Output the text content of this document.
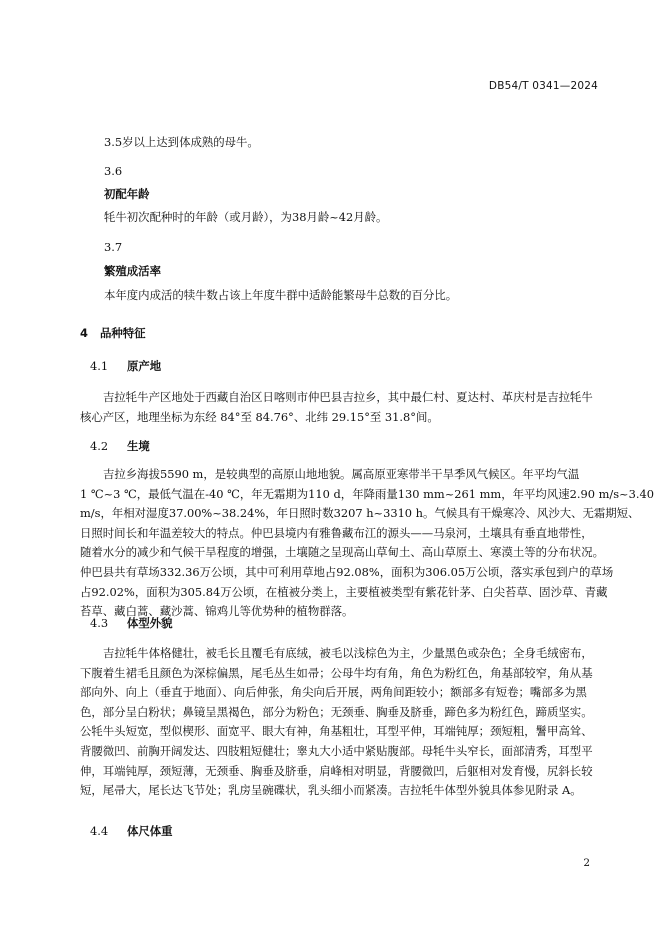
DB54/T 0341—2024
3.5岁以上达到体成熟的母牛。
3.6
初配年龄
牦牛初次配种时的年龄（或月龄），为38月龄~42月龄。
3.7
繁殖成活率
本年度内成活的犊牛数占该上年度牛群中适龄能繁母牛总数的百分比。
4 品种特征
4.1 原产地
吉拉牦牛产区地处于西藏自治区日喀则市仲巴县吉拉乡，其中最仁村、夏达村、革庆村是吉拉牦牛
核心产区，地理坐标为东经 84°至 84.76°、北纬 29.15°至 31.8°间。
4.2 生境
吉拉乡海拔5590 m，是较典型的高原山地地貌。属高原亚寒带半干旱季风气候区。年平均气温
1 ℃~3 ℃，最低气温在-40 ℃，年无霜期为110 d，年降雨量130 mm~261 mm，年平均风速2.90 m/s~3.40
m/s，年相对湿度37.00%~38.24%，年日照时数3207 h~3310 h。气候具有干燥寒冷、风沙大、无霜期短、
日照时间长和年温差较大的特点。仲巴县境内有雅鲁藏布江的源头——马泉河，土壤具有垂直地带性，
随着水分的减少和气候干旱程度的增强，土壤随之呈现高山草甸土、高山草原土、寒漠土等的分布状况。
仲巴县共有草场332.36万公顷，其中可利用草地占92.08%，面积为306.05万公顷，落实承包到户的草场
占92.02%，面积为305.84万公顷，在植被分类上，主要植被类型有紫花针茅、白尖苔草、固沙草、青藏
苔草、藏白蒿、藏沙蒿、锦鸡儿等优势种的植物群落。
4.3 体型外貌
吉拉牦牛体格健壮，被毛长且覆毛有底绒，被毛以浅棕色为主，少量黑色或杂色；全身毛绒密布，
下腹着生裙毛且颜色为深棕偏黑，尾毛丛生如帚；公母牛均有角，角色为粉红色，角基部较窄，角从基
部向外、向上（垂直于地面）、向后伸张，角尖向后开展，两角间距较小；额部多有短卷；嘴部多为黑
色，部分呈白粉状；鼻镜呈黑褐色，部分为粉色；无颈垂、胸垂及脐垂，蹄色多为粉红色，蹄质坚实。
公牦牛头短宽，型似楔形、面宽平、眼大有神，角基粗壮，耳型平伸，耳端钝厚；颈短粗，鬐甲高耸、
背腰微凹、前胸开阔发达、四肢粗短健壮；睾丸大小适中紧贴腹部。母牦牛头窄长，面部清秀，耳型平
伸，耳端钝厚，颈短薄，无颈垂、胸垂及脐垂，肩峰相对明显，背腰微凹，后躯相对发育慢，尻斜长较
短，尾帚大，尾长达飞节处；乳房呈碗碟状，乳头细小而紧凑。吉拉牦牛体型外貌具体参见附录 A。
4.4 体尺体重
2
